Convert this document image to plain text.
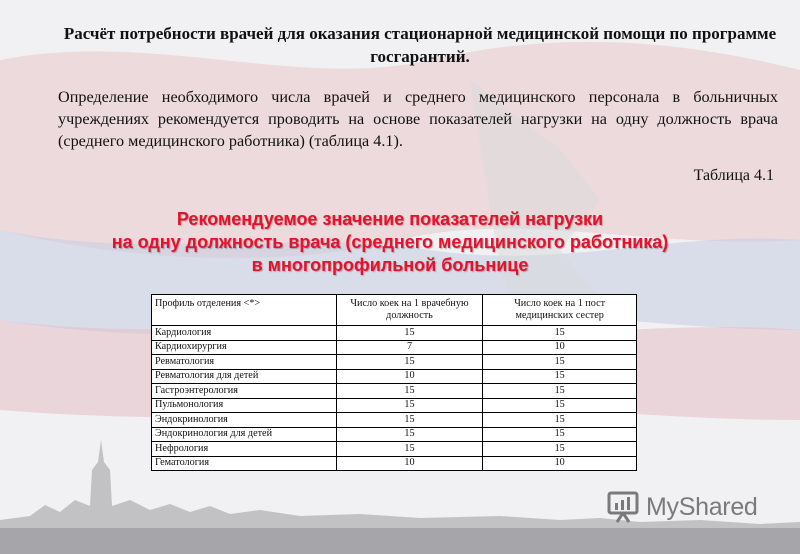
Расчёт потребности врачей для оказания стационарной медицинской помощи по программе госгарантий.

Определение необходимого числа врачей и среднего медицинского персонала в больничных учреждениях рекомендуется проводить на основе показателей нагрузки на одну должность врача (среднего медицинского работника) (таблица 4.1).

Таблица 4.1
Рекомендуемое значение показателей нагрузки
на одну должность врача (среднего медицинского работника)
в многопрофильной больнице
Профиль отделения <*>	Число коек на 1 врачебную должность	Число коек на 1 пост медицинских сестер
Кардиология	15	15
Кардиохирургия	7	10
Ревматология	15	15
Ревматология для детей	10	15
Гастроэнтерология	15	15
Пульмонология	15	15
Эндокринология	15	15
Эндокринология для детей	15	15
Нефрология	15	15
Гематология	10	10
MyShared
